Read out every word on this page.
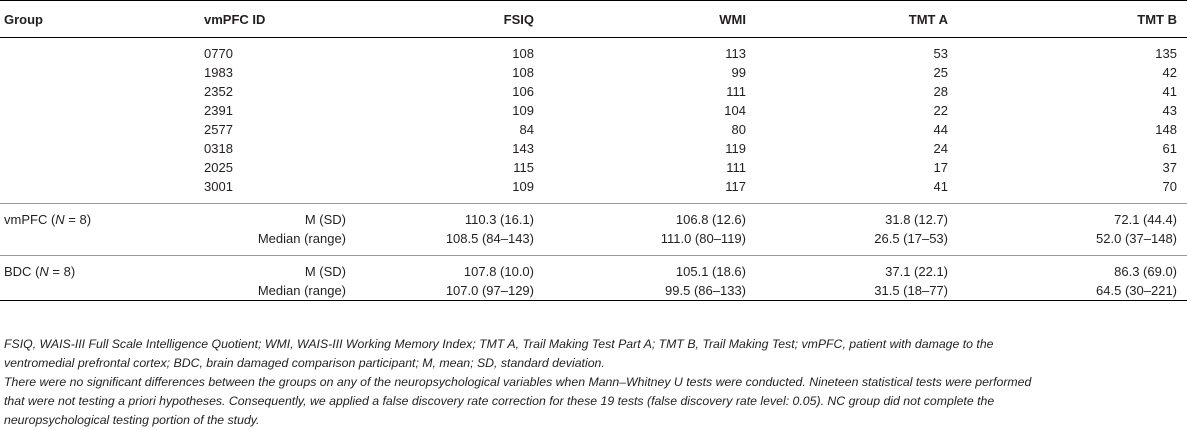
Group	vmPFC ID	FSIQ	WMI	TMT A	TMT B
	0770	108	113	53	135
	1983	108	99	25	42
	2352	106	111	28	41
	2391	109	104	22	43
	2577	84	80	44	148
	0318	143	119	24	61
	2025	115	111	17	37
	3001	109	117	41	70

vmPFC (N = 8)	M (SD)	110.3 (16.1)	106.8 (12.6)	31.8 (12.7)	72.1 (44.4)
	Median (range)	108.5 (84–143)	111.0 (80–119)	26.5 (17–53)	52.0 (37–148)

BDC (N = 8)	M (SD)	107.8 (10.0)	105.1 (18.6)	37.1 (22.1)	86.3 (69.0)
	Median (range)	107.0 (97–129)	99.5 (86–133)	31.5 (18–77)	64.5 (30–221)

FSIQ, WAIS-III Full Scale Intelligence Quotient; WMI, WAIS-III Working Memory Index; TMT A, Trail Making Test Part A; TMT B, Trail Making Test; vmPFC, patient with damage to the ventromedial prefrontal cortex; BDC, brain damaged comparison participant; M, mean; SD, standard deviation.

There were no significant differences between the groups on any of the neuropsychological variables when Mann–Whitney U tests were conducted. Nineteen statistical tests were performed that were not testing a priori hypotheses. Consequently, we applied a false discovery rate correction for these 19 tests (false discovery rate level: 0.05). NC group did not complete the neuropsychological testing portion of the study.
